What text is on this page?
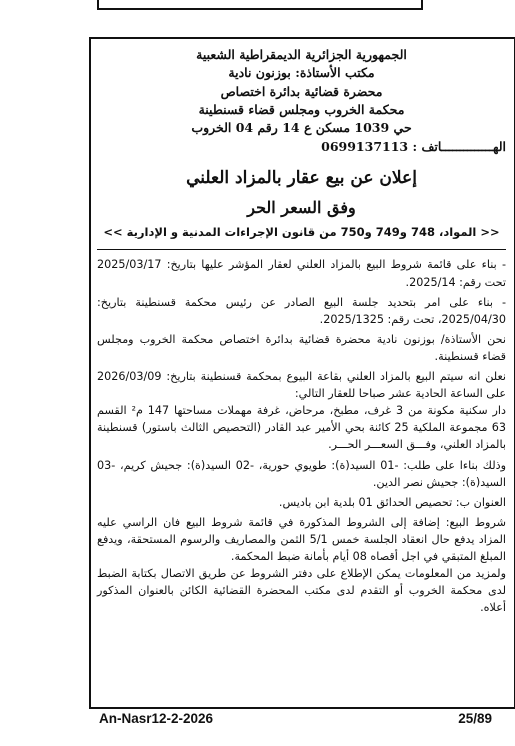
الجمهورية الجزائرية الديمقراطية الشعبية
مكتب الأستاذة: بوزنون نادية
محضرة قضائية بدائرة اختصاص
محكمة الخروب ومجلس قضاء قسنطينة
حي 1039 مسكن ع 14 رقم 04 الخروب
الهــــــــــــــاتف : 0699137113
إعلان عن بيع عقار بالمزاد العلني
وفق السعر الحر
<< المواد، 748 و749 و750 من قانون الإجراءات المدنية و الإدارية >>

- بناء على قائمة شروط البيع بالمزاد العلني لعقار المؤشر عليها بتاريخ: 2025/03/17 تحت رقم: 2025/14.

- بناء على امر بتحديد جلسة البيع الصادر عن رئيس محكمة قسنطينة بتاريخ: 2025/04/30، تحت رقم: 2025/1325.

نحن الأستاذة/ بوزنون نادية محضرة قضائية بدائرة اختصاص محكمة الخروب ومجلس قضاء قسنطينة.

نعلن انه سيتم البيع بالمزاد العلني بقاعة البيوع بمحكمة قسنطينة بتاريخ: 2026/03/09 على الساعة الحادية عشر صباحا للعقار التالي:

دار سكنية مكونة من 3 غرف، مطبخ، مرحاض، غرفة مهملات مساحتها 147 م² القسم 63 مجموعة الملكية 25 كائنة بحي الأمير عبد القادر (التحصيص الثالث باستور) قسنطينة بالمزاد العلني، وفـــق السعـــر الحـــر.

وذلك بناءا على طلب: -01 السيد(ة): طويوي حورية، -02 السيد(ة): جحيش كريم، -03 السيد(ة): جحيش نصر الدين.

العنوان ب: تحصيص الحدائق 01 بلدية ابن باديس.

شروط البيع: إضافة إلى الشروط المذكورة في قائمة شروط البيع فان الراسي عليه المزاد يدفع حال انعقاد الجلسة خمس 5/1 الثمن والمصاريف والرسوم المستحقة، ويدفع المبلغ المتبقي في اجل أقصاه 08 أيام بأمانة ضبط المحكمة.

ولمزيد من المعلومات يمكن الإطلاع على دفتر الشروط عن طريق الاتصال بكتابة الضبط لدى محكمة الخروب أو التقدم لدى مكتب المحضرة القضائية الكائن بالعنوان المذكور أعلاه.

An-Nasr12-2-2026	25/89
